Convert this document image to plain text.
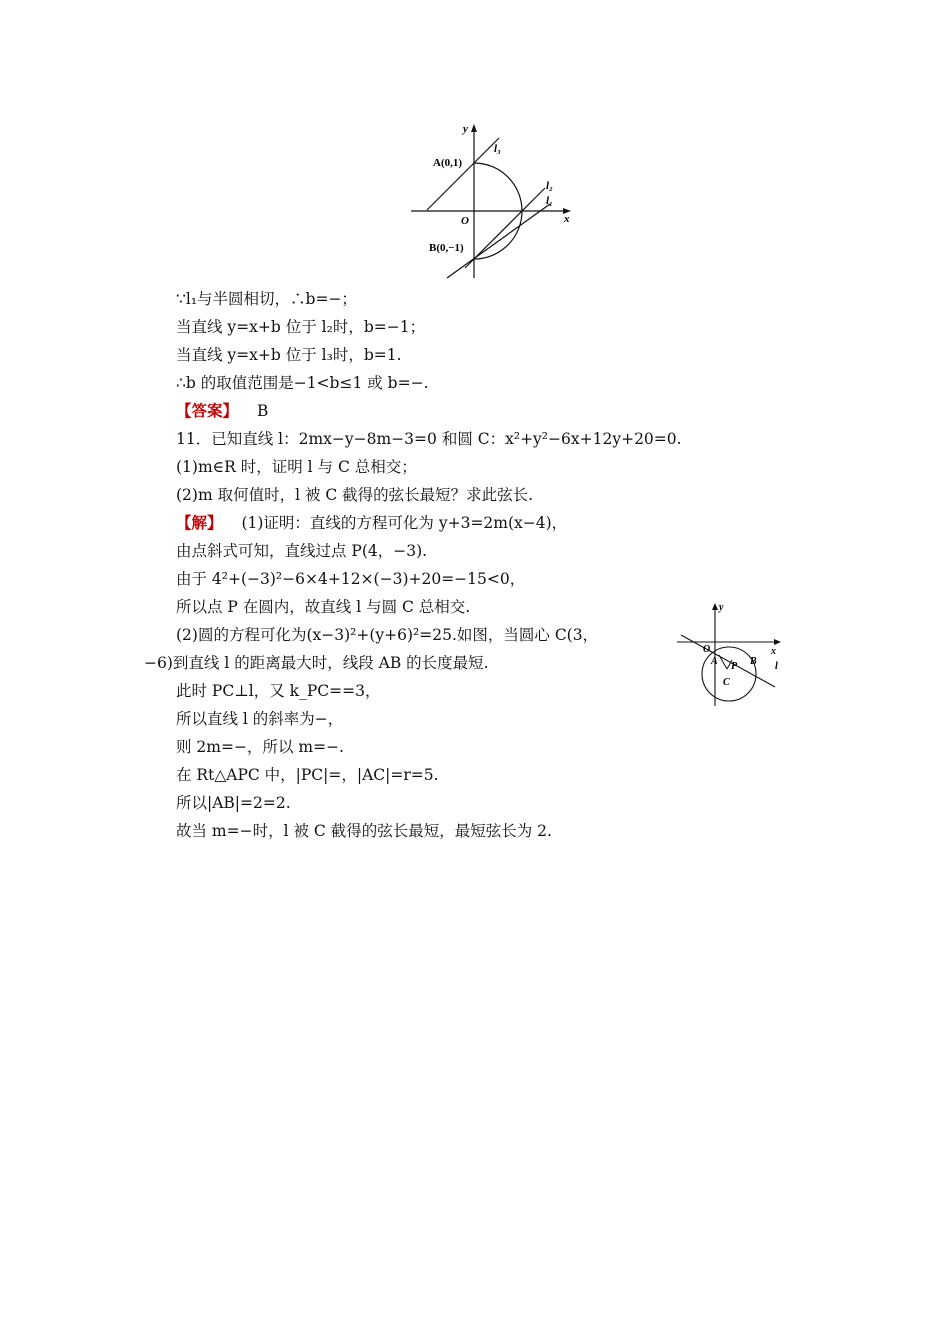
y
x
l₃
l₂
l₁
A(0,1)
O
B(0,−1)
∵l₁与半圆相切，∴b=−；
当直线 y=x+b 位于 l₂时，b=−1；
当直线 y=x+b 位于 l₃时，b=1.
∴b 的取值范围是−1<b≤1 或 b=−.
【答案】 B
11．已知直线 l：2mx−y−8m−3=0 和圆 C：x²+y²−6x+12y+20=0.
(1)m∈R 时，证明 l 与 C 总相交；
(2)m 取何值时，l 被 C 截得的弦长最短？求此弦长.
【解】 (1)证明：直线的方程可化为 y+3=2m(x−4)，
由点斜式可知，直线过点 P(4，−3).
由于 4²+(−3)²−6×4+12×(−3)+20=−15<0，
所以点 P 在圆内，故直线 l 与圆 C 总相交.
(2)圆的方程可化为(x−3)²+(y+6)²=25.如图，当圆心 C(3，
−6)到直线 l 的距离最大时，线段 AB 的长度最短.
此时 PC⊥l，又 k_PC==3，
所以直线 l 的斜率为−，
则 2m=−，所以 m=−.
在 Rt△APC 中，|PC|=，|AC|=r=5.
所以|AB|=2=2.
故当 m=−时，l 被 C 截得的弦长最短，最短弦长为 2.
y
x
O
A P B l
C
